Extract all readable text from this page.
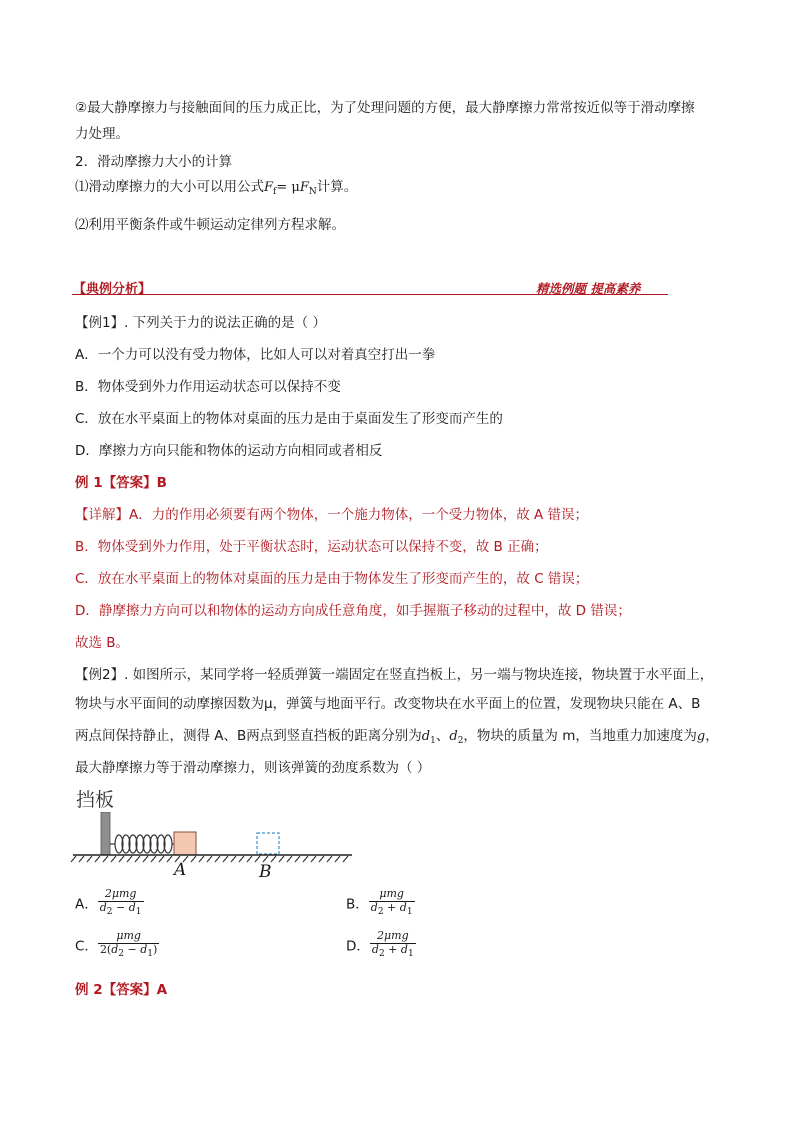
②最大静摩擦力与接触面间的压力成正比，为了处理问题的方便，最大静摩擦力常常按近似等于滑动摩擦
力处理。
2．滑动摩擦力大小的计算
⑴滑动摩擦力的大小可以用公式$F_f= \mu F_N$计算。
⑵利用平衡条件或牛顿运动定律列方程求解。
【典例分析】	精选例题 提高素养
【例1】. 下列关于力的说法正确的是（ ）
A．一个力可以没有受力物体，比如人可以对着真空打出一拳
B．物体受到外力作用运动状态可以保持不变
C．放在水平桌面上的物体对桌面的压力是由于桌面发生了形变而产生的
D．摩擦力方向只能和物体的运动方向相同或者相反
例 1【答案】B
【详解】A．力的作用必须要有两个物体，一个施力物体，一个受力物体，故 A 错误；
B．物体受到外力作用，处于平衡状态时，运动状态可以保持不变，故 B 正确；
C．放在水平桌面上的物体对桌面的压力是由于物体发生了形变而产生的，故 C 错误；
D．静摩擦力方向可以和物体的运动方向成任意角度，如手握瓶子移动的过程中，故 D 错误；
故选 B。
【例2】. 如图所示，某同学将一轻质弹簧一端固定在竖直挡板上，另一端与物块连接，物块置于水平面上，
物块与水平面间的动摩擦因数为μ，弹簧与地面平行。改变物块在水平面上的位置，发现物块只能在 A、B
两点间保持静止，测得 A、B两点到竖直挡板的距离分别为$d_1$、$d_2$，物块的质量为 m，当地重力加速度为g，
最大静摩擦力等于滑动摩擦力，则该弹簧的劲度系数为（ ）
挡板
A	B
A． $\frac{\text{2μmg}}{d_2 - d_1}$	B． $\frac{\text{μmg}}{d_2 + d_1}$
C． $\frac{\text{μmg}}{2(d_2 - d_1)}$	D． $\frac{\text{2μmg}}{d_2 + d_1}$
例 2【答案】A
